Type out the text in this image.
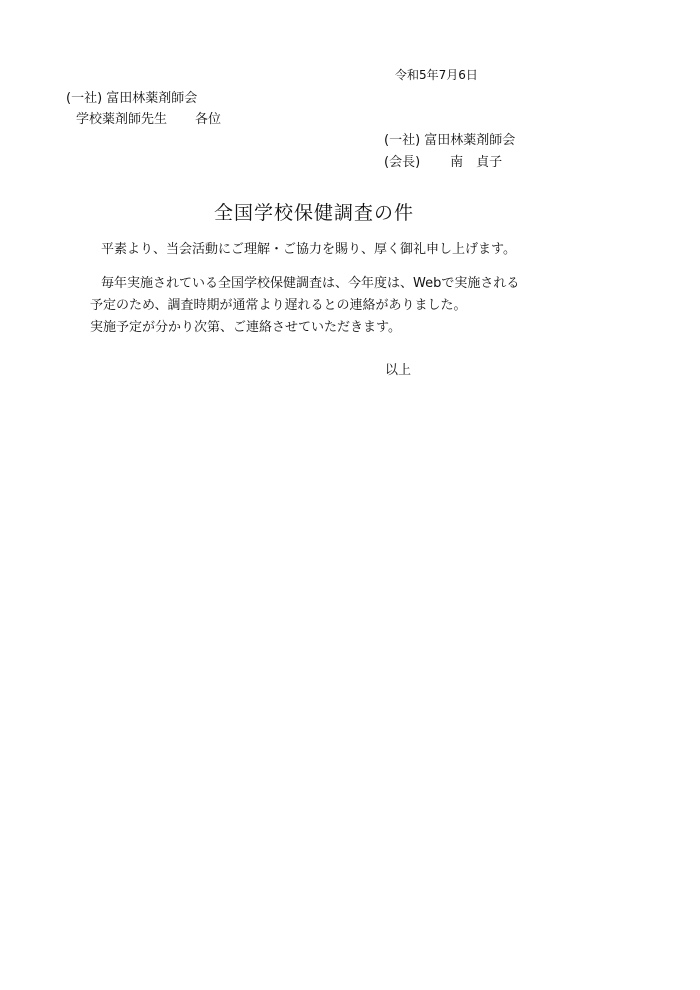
令和5年7月6日
(一社) 富田林薬剤師会
学校薬剤師先生 各位
(一社) 富田林薬剤師会
(会長) 南　貞子
全国学校保健調査の件
平素より、当会活動にご理解・ご協力を賜り、厚く御礼申し上げます。
毎年実施されている全国学校保健調査は、今年度は、Webで実施される
予定のため、調査時期が通常より遅れるとの連絡がありました。
実施予定が分かり次第、ご連絡させていただきます。
以上
